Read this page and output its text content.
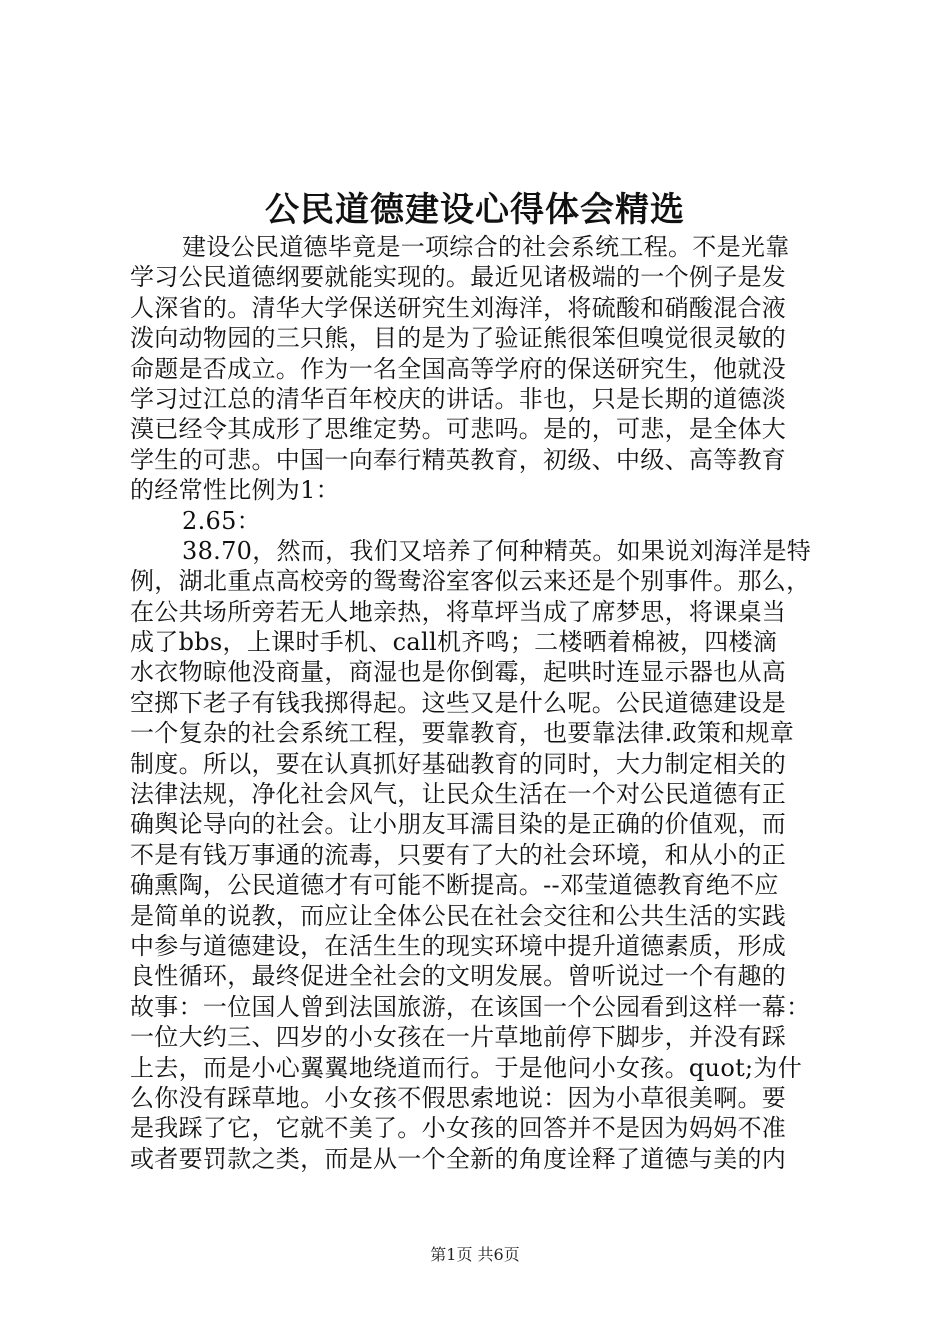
公民道德建设心得体会精选
建设公民道德毕竟是一项综合的社会系统工程。不是光靠
学习公民道德纲要就能实现的。最近见诸极端的一个例子是发
人深省的。清华大学保送研究生刘海洋，将硫酸和硝酸混合液
泼向动物园的三只熊，目的是为了验证熊很笨但嗅觉很灵敏的
命题是否成立。作为一名全国高等学府的保送研究生，他就没
学习过江总的清华百年校庆的讲话。非也，只是长期的道德淡
漠已经令其成形了思维定势。可悲吗。是的，可悲，是全体大
学生的可悲。中国一向奉行精英教育，初级、中级、高等教育
的经常性比例为1：
2.65：
38.70，然而，我们又培养了何种精英。如果说刘海洋是特
例，湖北重点高校旁的鸳鸯浴室客似云来还是个别事件。那么，
在公共场所旁若无人地亲热，将草坪当成了席梦思，将课桌当
成了bbs，上课时手机、call机齐鸣；二楼晒着棉被，四楼滴
水衣物晾他没商量，商湿也是你倒霉，起哄时连显示器也从高
空掷下老子有钱我掷得起。这些又是什么呢。公民道德建设是
一个复杂的社会系统工程，要靠教育，也要靠法律.政策和规章
制度。所以，要在认真抓好基础教育的同时，大力制定相关的
法律法规，净化社会风气，让民众生活在一个对公民道德有正
确舆论导向的社会。让小朋友耳濡目染的是正确的价值观，而
不是有钱万事通的流毒，只要有了大的社会环境，和从小的正
确熏陶，公民道德才有可能不断提高。--邓莹道德教育绝不应
是简单的说教，而应让全体公民在社会交往和公共生活的实践
中参与道德建设，在活生生的现实环境中提升道德素质，形成
良性循环，最终促进全社会的文明发展。曾听说过一个有趣的
故事：一位国人曾到法国旅游，在该国一个公园看到这样一幕：
一位大约三、四岁的小女孩在一片草地前停下脚步，并没有踩
上去，而是小心翼翼地绕道而行。于是他问小女孩。quot;为什
么你没有踩草地。小女孩不假思索地说：因为小草很美啊。要
是我踩了它，它就不美了。小女孩的回答并不是因为妈妈不准
或者要罚款之类，而是从一个全新的角度诠释了道德与美的内
第1页 共6页
